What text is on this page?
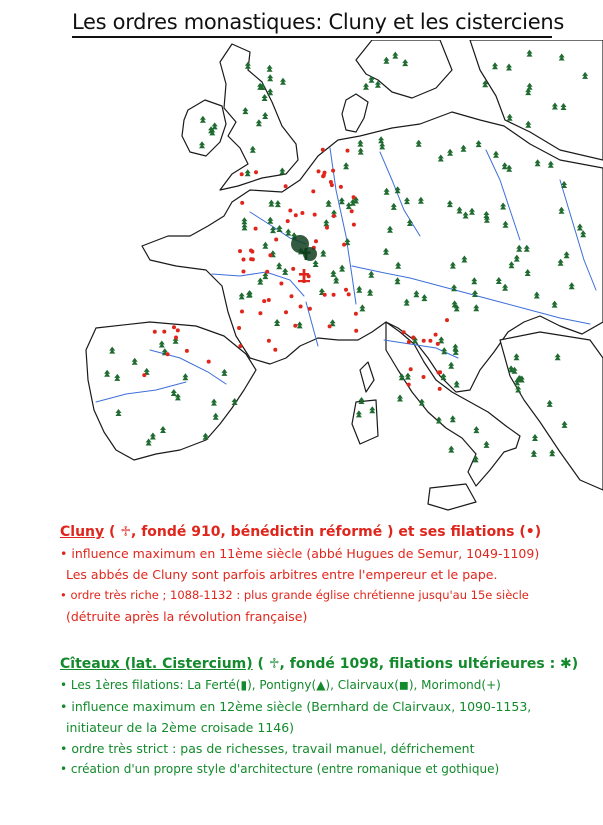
Les ordres monastiques: Cluny et les cisterciens
Cluny ( ♱, fondé 910, bénédictin réformé ) et ses filations (•)
• influence maximum en 11ème siècle (abbé Hugues de Semur, 1049-1109)
Les abbés de Cluny sont parfois arbitres entre l'empereur et le pape.
• ordre très riche ; 1088-1132 : plus grande église chrétienne jusqu'au 15e siècle
(détruite après la révolution française)
Cîteaux (lat. Cistercium) ( ♱, fondé 1098, filations ultérieures : ✱)
• Les 1ères filations: La Ferté(▮), Pontigny(▲), Clairvaux(◼), Morimond(+)
• influence maximum en 12ème siècle (Bernhard de Clairvaux, 1090-1153,
initiateur de la 2ème croisade 1146)
• ordre très strict : pas de richesses, travail manuel, défrichement
• création d'un propre style d'architecture (entre romanique et gothique)
